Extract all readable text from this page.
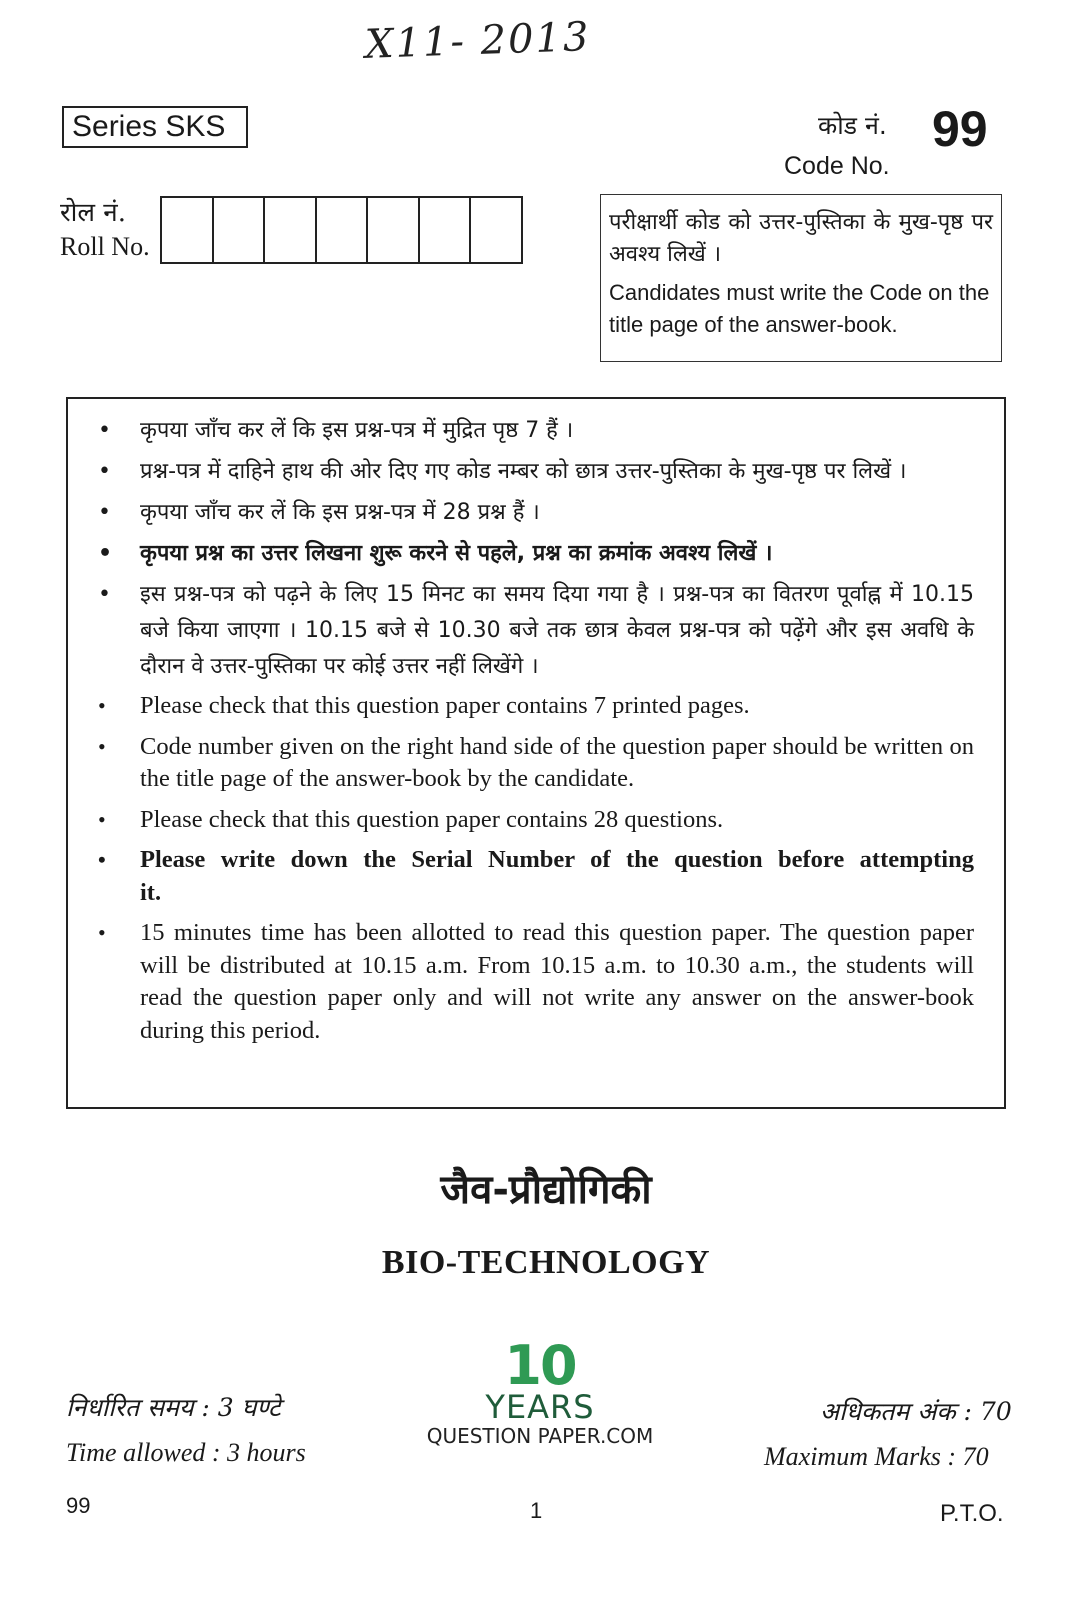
X11- 2013
Series SKS	कोड नं. 99
Code No.
रोल नं.
Roll No.
परीक्षार्थी कोड को उत्तर-पुस्तिका के मुख-पृष्ठ पर अवश्य लिखें ।
Candidates must write the Code on the title page of the answer-book.
• कृपया जाँच कर लें कि इस प्रश्न-पत्र में मुद्रित पृष्ठ 7 हैं ।
• प्रश्न-पत्र में दाहिने हाथ की ओर दिए गए कोड नम्बर को छात्र उत्तर-पुस्तिका के मुख-पृष्ठ पर लिखें ।
• कृपया जाँच कर लें कि इस प्रश्न-पत्र में 28 प्रश्न हैं ।
• कृपया प्रश्न का उत्तर लिखना शुरू करने से पहले, प्रश्न का क्रमांक अवश्य लिखें ।
• इस प्रश्न-पत्र को पढ़ने के लिए 15 मिनट का समय दिया गया है । प्रश्न-पत्र का वितरण पूर्वाह्न में 10.15 बजे किया जाएगा । 10.15 बजे से 10.30 बजे तक छात्र केवल प्रश्न-पत्र को पढ़ेंगे और इस अवधि के दौरान वे उत्तर-पुस्तिका पर कोई उत्तर नहीं लिखेंगे ।
• Please check that this question paper contains 7 printed pages.
• Code number given on the right hand side of the question paper should be written on the title page of the answer-book by the candidate.
• Please check that this question paper contains 28 questions.
• Please write down the Serial Number of the question before attempting it.
• 15 minutes time has been allotted to read this question paper. The question paper will be distributed at 10.15 a.m. From 10.15 a.m. to 10.30 a.m., the students will read the question paper only and will not write any answer on the answer-book during this period.
जैव-प्रौद्योगिकी
BIO-TECHNOLOGY
10
YEARS
QUESTION PAPER.COM
निर्धारित समय : 3 घण्टे
Time allowed : 3 hours
अधिकतम अंक : 70
Maximum Marks : 70
99	1	P.T.O.
